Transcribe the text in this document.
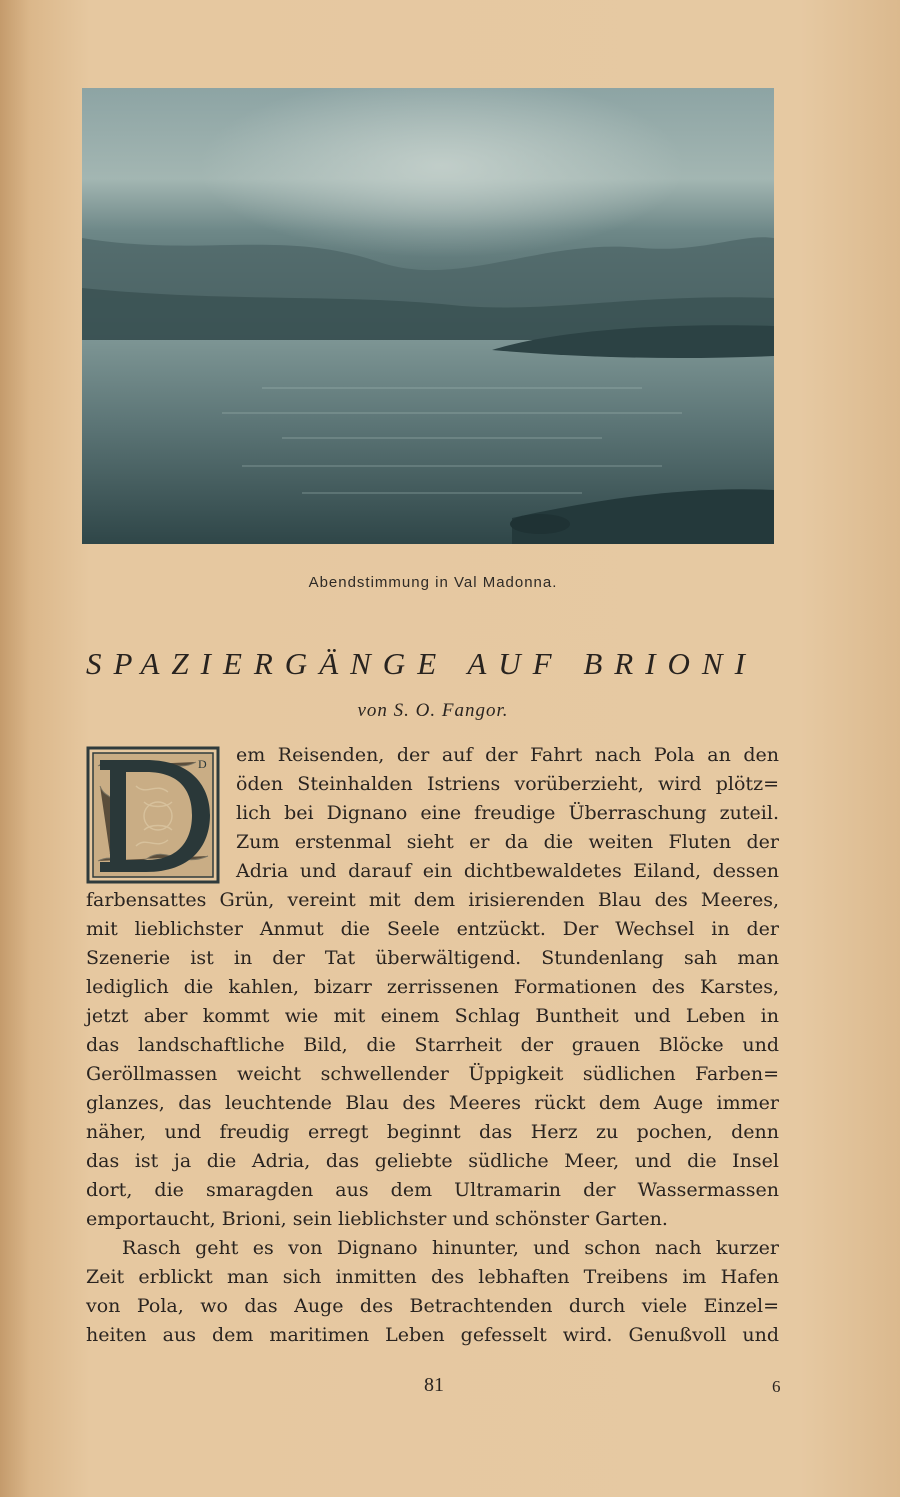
Abendstimmung in Val Madonna.
SPAZIERGÄNGE AUF BRIONI
von S. O. Fangor.
D em Reisenden, der auf der Fahrt nach Pola an den
öden Steinhalden Istriens vorüberzieht, wird plötz=
lich bei Dignano eine freudige Überraschung zuteil.
Zum erstenmal sieht er da die weiten Fluten der
Adria und darauf ein dichtbewaldetes Eiland, dessen
farbensattes Grün, vereint mit dem irisierenden Blau des Meeres,
mit lieblichster Anmut die Seele entzückt. Der Wechsel in der
Szenerie ist in der Tat überwältigend. Stundenlang sah man
lediglich die kahlen, bizarr zerrissenen Formationen des Karstes,
jetzt aber kommt wie mit einem Schlag Buntheit und Leben in
das landschaftliche Bild, die Starrheit der grauen Blöcke und
Geröllmassen weicht schwellender Üppigkeit südlichen Farben=
glanzes, das leuchtende Blau des Meeres rückt dem Auge immer
näher, und freudig erregt beginnt das Herz zu pochen, denn
das ist ja die Adria, das geliebte südliche Meer, und die Insel
dort, die smaragden aus dem Ultramarin der Wassermassen
emportaucht, Brioni, sein lieblichster und schönster Garten.
Rasch geht es von Dignano hinunter, und schon nach kurzer
Zeit erblickt man sich inmitten des lebhaften Treibens im Hafen
von Pola, wo das Auge des Betrachtenden durch viele Einzel=
heiten aus dem maritimen Leben gefesselt wird. Genußvoll und
81	6
